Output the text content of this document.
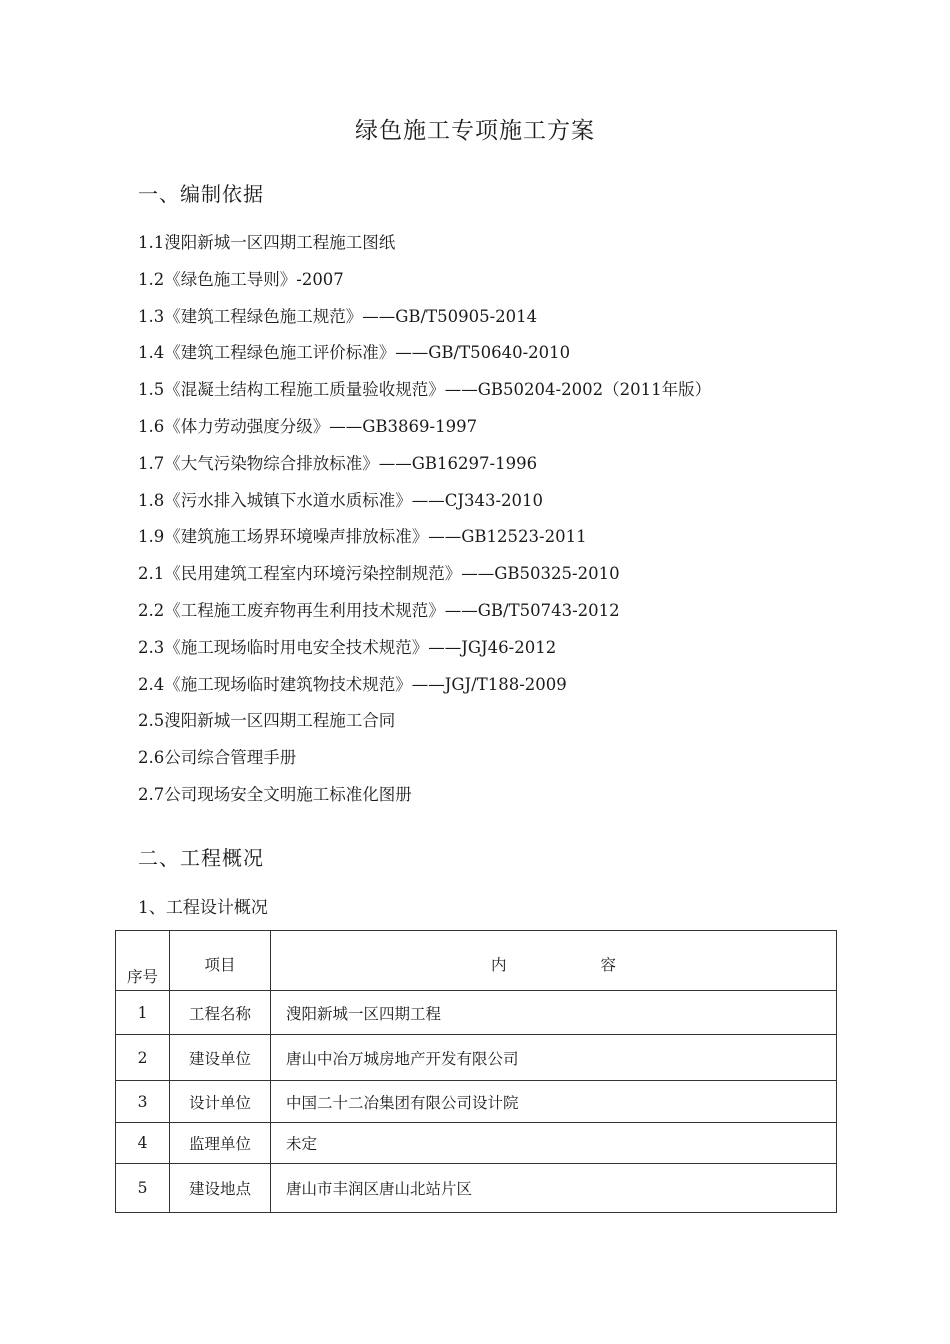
绿色施工专项施工方案
一、编制依据
1.1溲阳新城一区四期工程施工图纸
1.2《绿色施工导则》-2007
1.3《建筑工程绿色施工规范》——GB/T50905-2014
1.4《建筑工程绿色施工评价标准》——GB/T50640-2010
1.5《混凝土结构工程施工质量验收规范》——GB50204-2002（2011年版）
1.6《体力劳动强度分级》——GB3869-1997
1.7《大气污染物综合排放标准》——GB16297-1996
1.8《污水排入城镇下水道水质标准》——CJ343-2010
1.9《建筑施工场界环境噪声排放标准》——GB12523-2011
2.1《民用建筑工程室内环境污染控制规范》——GB50325-2010
2.2《工程施工废弃物再生利用技术规范》——GB/T50743-2012
2.3《施工现场临时用电安全技术规范》——JGJ46-2012
2.4《施工现场临时建筑物技术规范》——JGJ/T188-2009
2.5溲阳新城一区四期工程施工合同
2.6公司综合管理手册
2.7公司现场安全文明施工标准化图册
二、工程概况
1、工程设计概况
序号	项目	内 容
1	工程名称	溲阳新城一区四期工程
2	建设单位	唐山中冶万城房地产开发有限公司
3	设计单位	中国二十二冶集团有限公司设计院
4	监理单位	未定
5	建设地点	唐山市丰润区唐山北站片区
